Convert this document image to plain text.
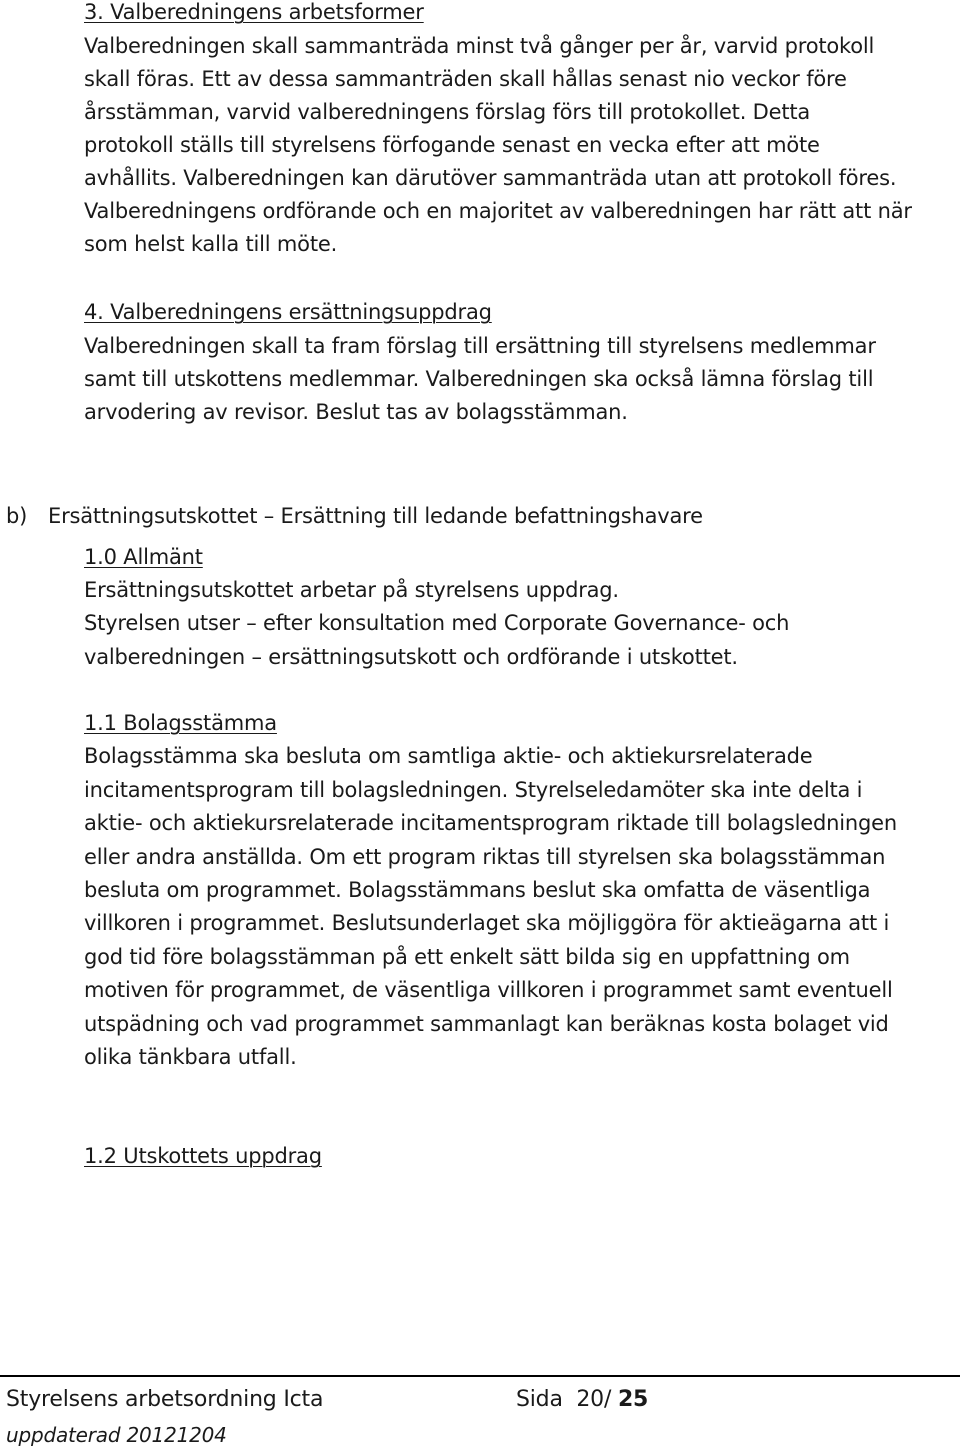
3. Valberedningens arbetsformer
Valberedningen skall sammanträda minst två gånger per år, varvid protokoll
skall föras. Ett av dessa sammanträden skall hållas senast nio veckor före
årsstämman, varvid valberedningens förslag förs till protokollet. Detta
protokoll ställs till styrelsens förfogande senast en vecka efter att möte
avhållits. Valberedningen kan därutöver sammanträda utan att protokoll föres.
Valberedningens ordförande och en majoritet av valberedningen har rätt att när
som helst kalla till möte.
4. Valberedningens ersättningsuppdrag
Valberedningen skall ta fram förslag till ersättning till styrelsens medlemmar
samt till utskottens medlemmar. Valberedningen ska också lämna förslag till
arvodering av revisor. Beslut tas av bolagsstämman.
b) Ersättningsutskottet – Ersättning till ledande befattningshavare
1.0 Allmänt
Ersättningsutskottet arbetar på styrelsens uppdrag.
Styrelsen utser – efter konsultation med Corporate Governance- och
valberedningen – ersättningsutskott och ordförande i utskottet.
1.1 Bolagsstämma
Bolagsstämma ska besluta om samtliga aktie- och aktiekursrelaterade
incitamentsprogram till bolagsledningen. Styrelseledamöter ska inte delta i
aktie- och aktiekursrelaterade incitamentsprogram riktade till bolagsledningen
eller andra anställda. Om ett program riktas till styrelsen ska bolagsstämman
besluta om programmet. Bolagsstämmans beslut ska omfatta de väsentliga
villkoren i programmet. Beslutsunderlaget ska möjliggöra för aktieägarna att i
god tid före bolagsstämman på ett enkelt sätt bilda sig en uppfattning om
motiven för programmet, de väsentliga villkoren i programmet samt eventuell
utspädning och vad programmet sammanlagt kan beräknas kosta bolaget vid
olika tänkbara utfall.
1.2 Utskottets uppdrag
Styrelsens arbetsordning Icta	Sida 20/ 25
uppdaterad 20121204
